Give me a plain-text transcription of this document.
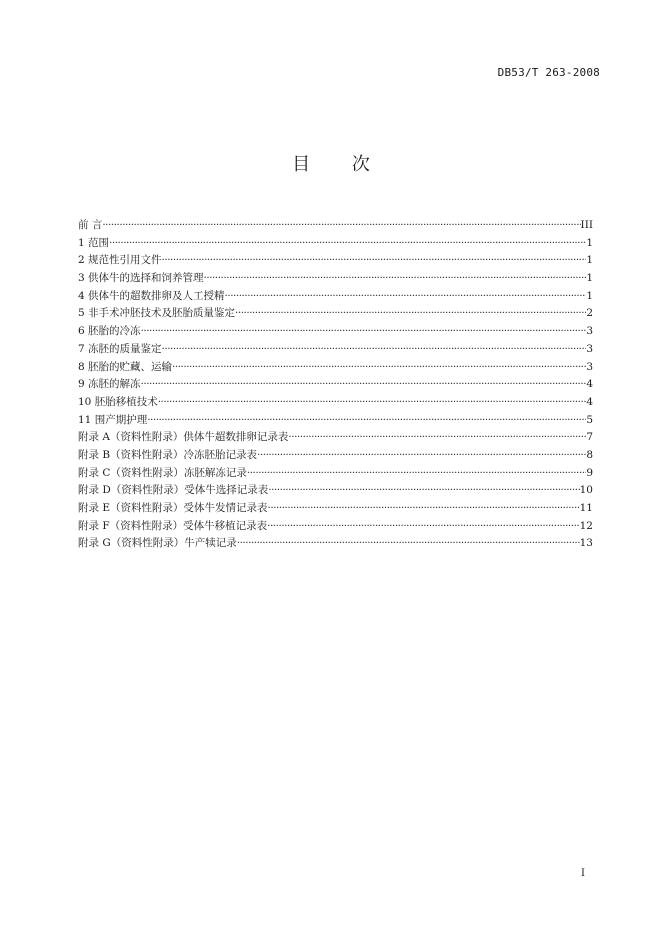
DB53/T 263-2008
目 次
前 言 ·····	III
1 范围 ·····	1
2 规范性引用文件 ·····	1
3 供体牛的选择和饲养管理 ·····	1
4 供体牛的超数排卵及人工授精 ·····	1
5 非手术冲胚技术及胚胎质量鉴定 ·····	2
6 胚胎的冷冻 ·····	3
7 冻胚的质量鉴定 ·····	3
8 胚胎的贮藏、运输 ·····	3
9 冻胚的解冻 ·····	4
10 胚胎移植技术 ·····	4
11 围产期护理 ·····	5
附录 A（资料性附录）供体牛超数排卵记录表 ·····	7
附录 B（资料性附录）冷冻胚胎记录表 ·····	8
附录 C（资料性附录）冻胚解冻记录 ·····	9
附录 D（资料性附录）受体牛选择记录表 ·····	10
附录 E（资料性附录）受体牛发情记录表 ·····	11
附录 F（资料性附录）受体牛移植记录表 ·····	12
附录 G（资料性附录）牛产犊记录 ·····	13
I
